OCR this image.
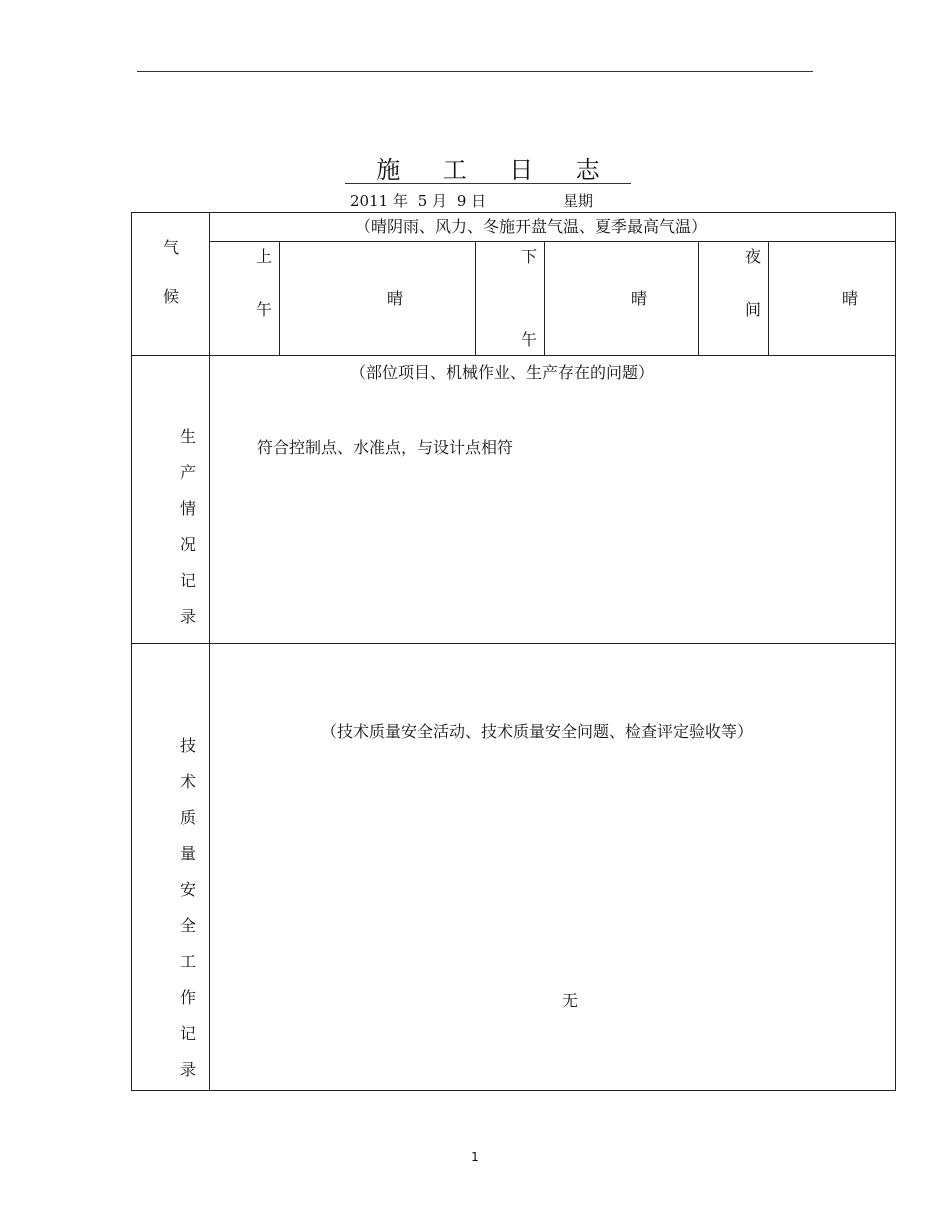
施 工 日 志
2011 年 5 月 9 日	星期
气
候
（晴阴雨、风力、冬施开盘气温、夏季最高气温）
上
午
晴
下
午
晴
夜
间
晴
生
产
情
况
记
录
（部位项目、机械作业、生产存在的问题）
符合控制点、水准点，与设计点相符
技
术
质
量
安
全
工
作
记
录
（技术质量安全活动、技术质量安全问题、检查评定验收等）
无
1
